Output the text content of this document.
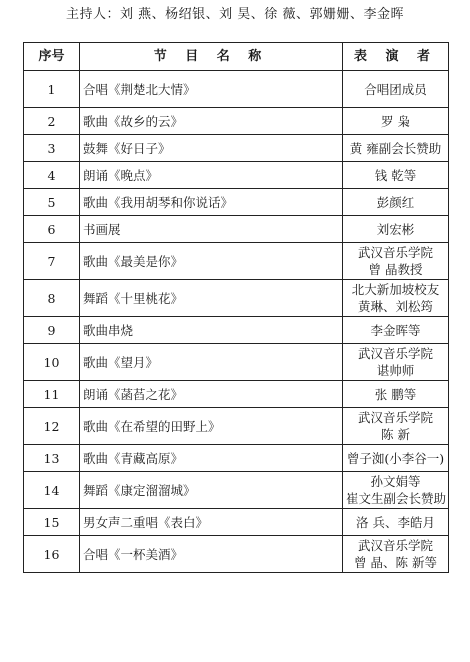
主持人：刘 燕、杨绍银、刘 昊、徐 薇、郭姗姗、李金晖
序号	节 目 名 称	表 演 者
1	合唱《荆楚北大情》	合唱团成员

2	歌曲《故乡的云》	罗 枭

3	鼓舞《好日子》	黄 雍副会长赞助

4	朗诵《晚点》	钱 乾等

5	歌曲《我用胡琴和你说话》	彭颜红

6	书画展	刘宏彬

7	歌曲《最美是你》	武汉音乐学院
曾 晶教授

8	舞蹈《十里桃花》	北大新加坡校友
黄琳、刘松筠

9	歌曲串烧	李金晖等

10	歌曲《望月》	武汉音乐学院
谌帅师

11	朗诵《菡萏之花》	张 鹏等

12	歌曲《在希望的田野上》	武汉音乐学院
陈 新

13	歌曲《青藏高原》	曾子洳(小李谷一)

14	舞蹈《康定溜溜城》	孙文娟等
崔文生副会长赞助

15	男女声二重唱《表白》	洛 兵、李皓月

16	合唱《一杯美酒》	武汉音乐学院
曾 晶、陈 新等
